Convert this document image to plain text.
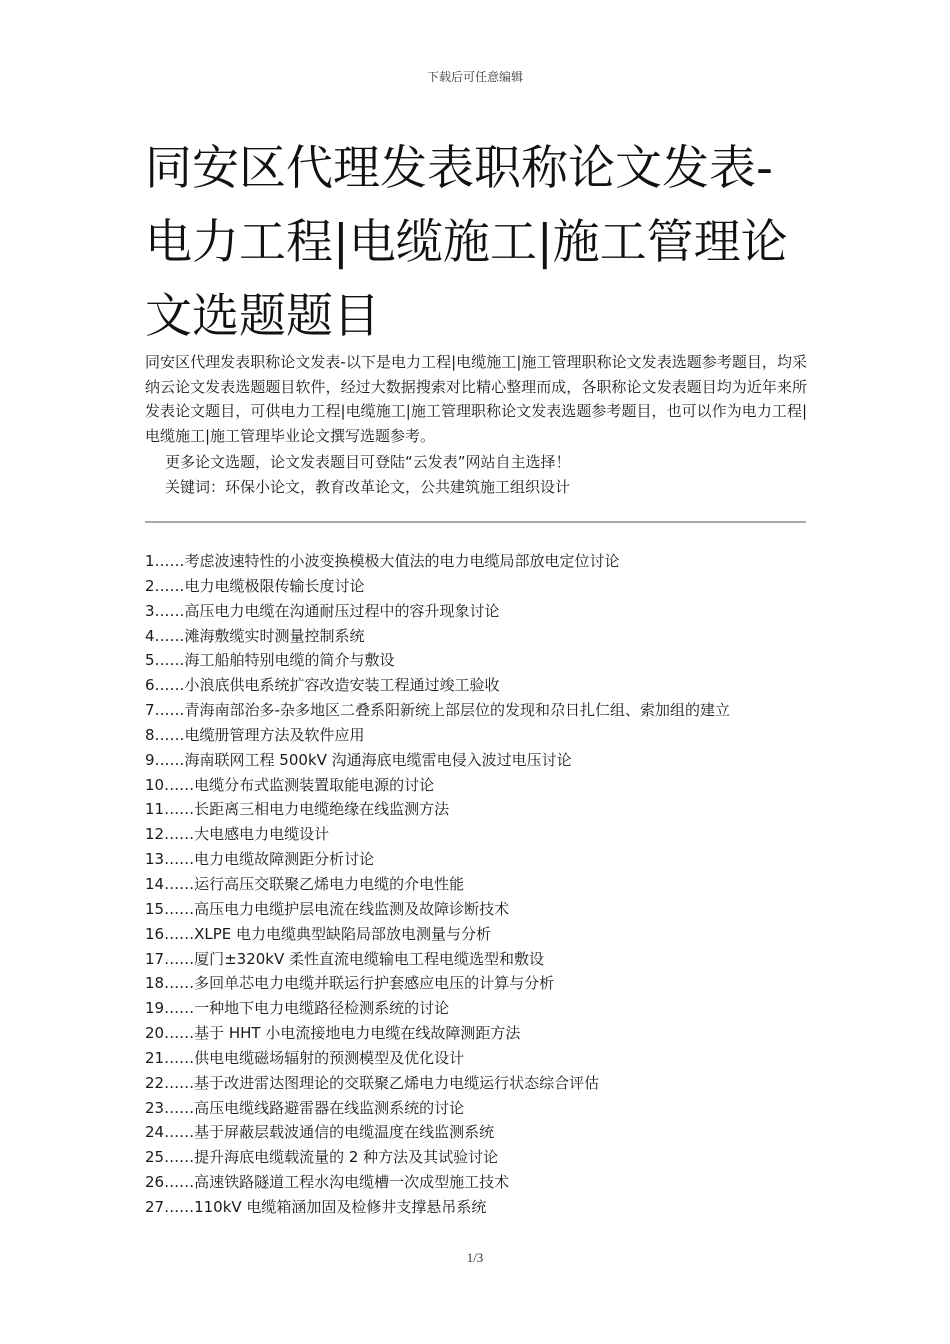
下载后可任意编辑
同安区代理发表职称论文发表-电力工程|电缆施工|施工管理论文选题题目

同安区代理发表职称论文发表-以下是电力工程|电缆施工|施工管理职称论文发表选题参考题目，均采纳云论文发表选题题目软件，经过大数据搜索对比精心整理而成，各职称论文发表题目均为近年来所发表论文题目，可供电力工程|电缆施工|施工管理职称论文发表选题参考题目，也可以作为电力工程|电缆施工|施工管理毕业论文撰写选题参考。

更多论文选题，论文发表题目可登陆“云发表”网站自主选择！
关键词：环保小论文，教育改革论文，公共建筑施工组织设计
1……考虑波速特性的小波变换模极大值法的电力电缆局部放电定位讨论
2……电力电缆极限传输长度讨论
3……高压电力电缆在沟通耐压过程中的容升现象讨论
4……滩海敷缆实时测量控制系统
5……海工船舶特别电缆的简介与敷设
6……小浪底供电系统扩容改造安装工程通过竣工验收
7……青海南部治多-杂多地区二叠系阳新统上部层位的发现和尕日扎仁组、索加组的建立
8……电缆册管理方法及软件应用
9……海南联网工程 500kV 沟通海底电缆雷电侵入波过电压讨论
10……电缆分布式监测装置取能电源的讨论
11……长距离三相电力电缆绝缘在线监测方法
12……大电感电力电缆设计
13……电力电缆故障测距分析讨论
14……运行高压交联聚乙烯电力电缆的介电性能
15……高压电力电缆护层电流在线监测及故障诊断技术
16……XLPE 电力电缆典型缺陷局部放电测量与分析
17……厦门±320kV 柔性直流电缆输电工程电缆选型和敷设
18……多回单芯电力电缆并联运行护套感应电压的计算与分析
19……一种地下电力电缆路径检测系统的讨论
20……基于 HHT 小电流接地电力电缆在线故障测距方法
21……供电电缆磁场辐射的预测模型及优化设计
22……基于改进雷达图理论的交联聚乙烯电力电缆运行状态综合评估
23……高压电缆线路避雷器在线监测系统的讨论
24……基于屏蔽层载波通信的电缆温度在线监测系统
25……提升海底电缆载流量的 2 种方法及其试验讨论
26……高速铁路隧道工程水沟电缆槽一次成型施工技术
27……110kV 电缆箱涵加固及检修井支撑悬吊系统
1/3
